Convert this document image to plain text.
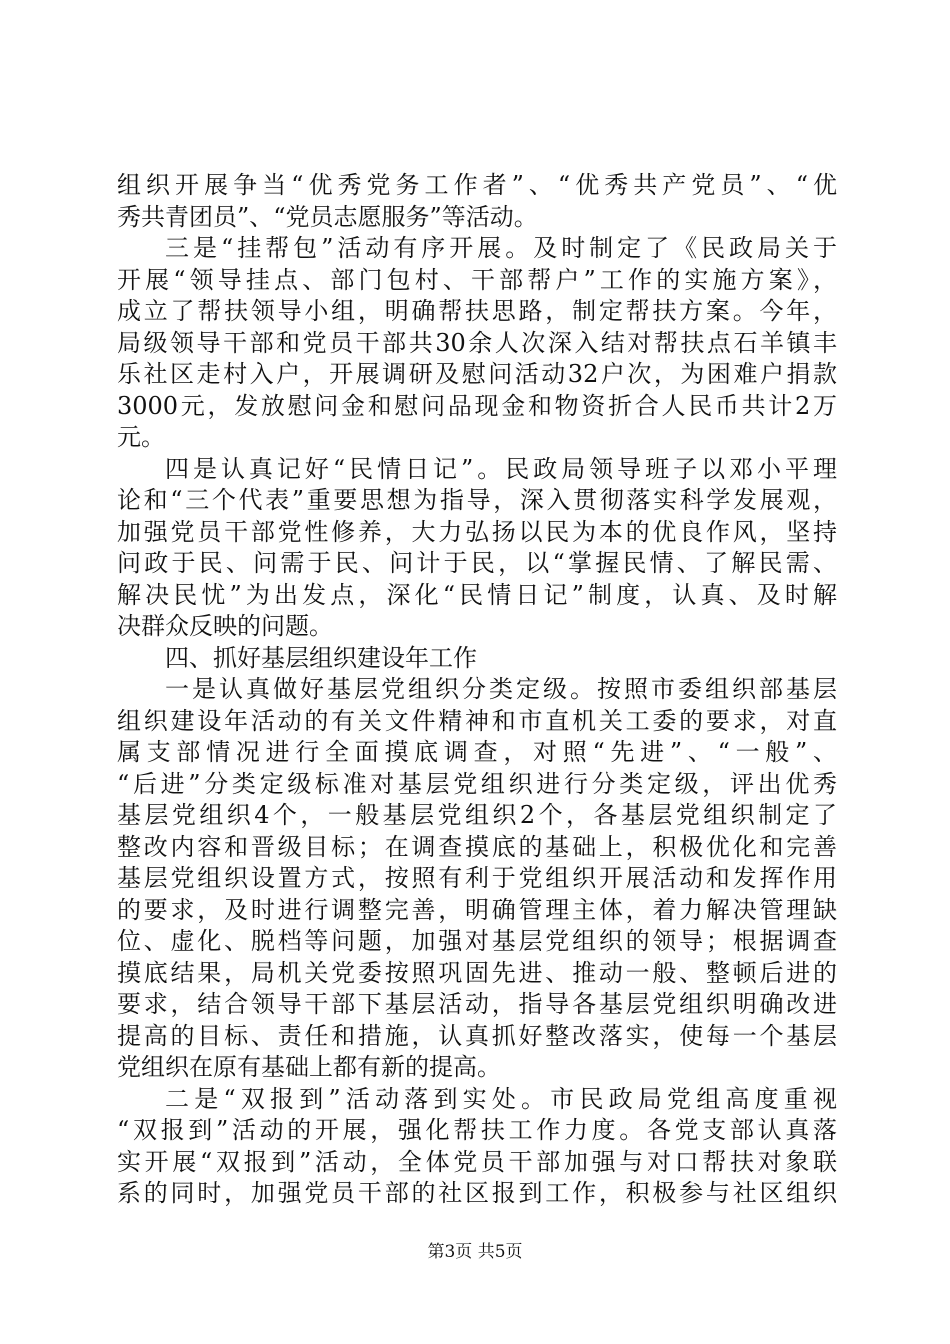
组织开展争当“优秀党务工作者”、“优秀共产党员”、“优
秀共青团员”、“党员志愿服务”等活动。
三是“挂帮包”活动有序开展。及时制定了《民政局关于
开展“领导挂点、部门包村、干部帮户”工作的实施方案》，
成立了帮扶领导小组，明确帮扶思路，制定帮扶方案。今年，
局级领导干部和党员干部共30余人次深入结对帮扶点石羊镇丰
乐社区走村入户，开展调研及慰问活动32户次，为困难户捐款
3000元，发放慰问金和慰问品现金和物资折合人民币共计2万
元。
四是认真记好“民情日记”。民政局领导班子以邓小平理
论和“三个代表”重要思想为指导，深入贯彻落实科学发展观，
加强党员干部党性修养，大力弘扬以民为本的优良作风，坚持
问政于民、问需于民、问计于民，以“掌握民情、了解民需、
解决民忧”为出发点，深化“民情日记”制度，认真、及时解
决群众反映的问题。
四、抓好基层组织建设年工作
一是认真做好基层党组织分类定级。按照市委组织部基层
组织建设年活动的有关文件精神和市直机关工委的要求，对直
属支部情况进行全面摸底调查，对照“先进”、“一般”、
“后进”分类定级标准对基层党组织进行分类定级，评出优秀
基层党组织4个，一般基层党组织2个，各基层党组织制定了
整改内容和晋级目标；在调查摸底的基础上，积极优化和完善
基层党组织设置方式，按照有利于党组织开展活动和发挥作用
的要求，及时进行调整完善，明确管理主体，着力解决管理缺
位、虚化、脱档等问题，加强对基层党组织的领导；根据调查
摸底结果，局机关党委按照巩固先进、推动一般、整顿后进的
要求，结合领导干部下基层活动，指导各基层党组织明确改进
提高的目标、责任和措施，认真抓好整改落实，使每一个基层
党组织在原有基础上都有新的提高。
二是“双报到”活动落到实处。市民政局党组高度重视
“双报到”活动的开展，强化帮扶工作力度。各党支部认真落
实开展“双报到”活动，全体党员干部加强与对口帮扶对象联
系的同时，加强党员干部的社区报到工作，积极参与社区组织
第3页 共5页
